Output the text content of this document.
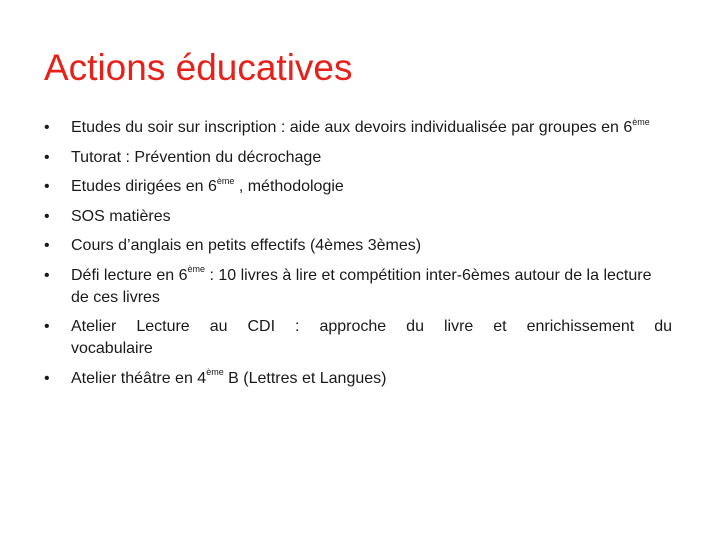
Actions éducatives
•	Etudes du soir sur inscription : aide aux devoirs individualisée par groupes en 6ème
•	Tutorat : Prévention du décrochage
•	Etudes dirigées en 6ème , méthodologie
•	SOS matières
•	Cours d’anglais en petits effectifs (4èmes 3èmes)
•	Défi lecture en 6ème : 10 livres à lire et compétition inter-6èmes autour de la lecture de ces livres
•	Atelier Lecture au CDI : approche du livre et enrichissement du
vocabulaire
•	Atelier théâtre en 4ème B (Lettres et Langues)
